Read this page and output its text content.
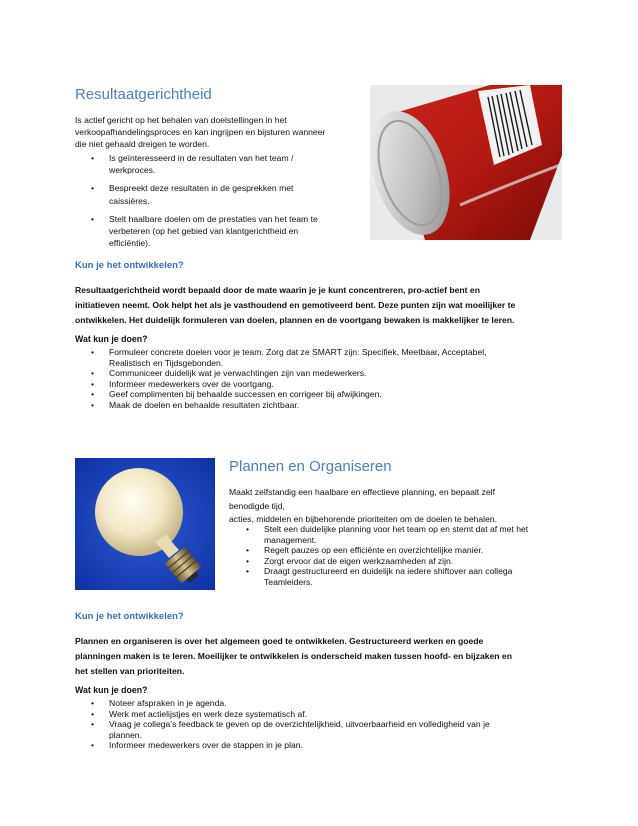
Resultaatgerichtheid
Is actief gericht op het behalen van doelstellingen in het
verkoopafhandelingsproces en kan ingrijpen en bijsturen wanneer
die niet gehaald dreigen te worden.
• Is geïnteresseerd in de resultaten van het team /
werkproces.
• Bespreekt deze resultaten in de gesprekken met
caissières.
• Stelt haalbare doelen om de prestaties van het team te
verbeteren (op het gebied van klantgerichtheid en
efficiëntie).
Kun je het ontwikkelen?
Resultaatgerichtheid wordt bepaald door de mate waarin je je kunt concentreren, pro-actief bent en
initiatieven neemt. Ook helpt het als je vasthoudend en gemotiveerd bent. Deze punten zijn wat moeilijker te
ontwikkelen. Het duidelijk formuleren van doelen, plannen en de voortgang bewaken is makkelijker te leren.
Wat kun je doen?
• Formuleer concrete doelen voor je team. Zorg dat ze SMART zijn: Specifiek, Meetbaar, Acceptabel,
Realistisch en Tijdsgebonden.
• Communiceer duidelijk wat je verwachtingen zijn van medewerkers.
• Informeer medewerkers over de voortgang.
• Geef complimenten bij behaalde successen en corrigeer bij afwijkingen.
• Maak de doelen en behaalde resultaten zichtbaar.
Plannen en Organiseren
Maakt zelfstandig een haalbare en effectieve planning, en bepaalt zelf
benodigde tijd,
acties, middelen en bijbehorende prioriteiten om de doelen te behalen.
• Stelt een duidelijke planning voor het team op en stemt dat af met het
management.
• Regelt pauzes op een efficiënte en overzichtelijke manier.
• Zorgt ervoor dat de eigen werkzaamheden af zijn.
• Draagt gestructureerd en duidelijk na iedere shiftover aan collega
Teamleiders.
Kun je het ontwikkelen?
Plannen en organiseren is over het algemeen goed te ontwikkelen. Gestructureerd werken en goede
planningen maken is te leren. Moeilijker te ontwikkelen is onderscheid maken tussen hoofd- en bijzaken en
het stellen van prioriteiten.
Wat kun je doen?
• Noteer afspraken in je agenda.
• Werk met actielijstjes en werk deze systematisch af.
• Vraag je collega’s feedback te geven op de overzichtelijkheid, uitvoerbaarheid en volledigheid van je
plannen.
• Informeer medewerkers over de stappen in je plan.
